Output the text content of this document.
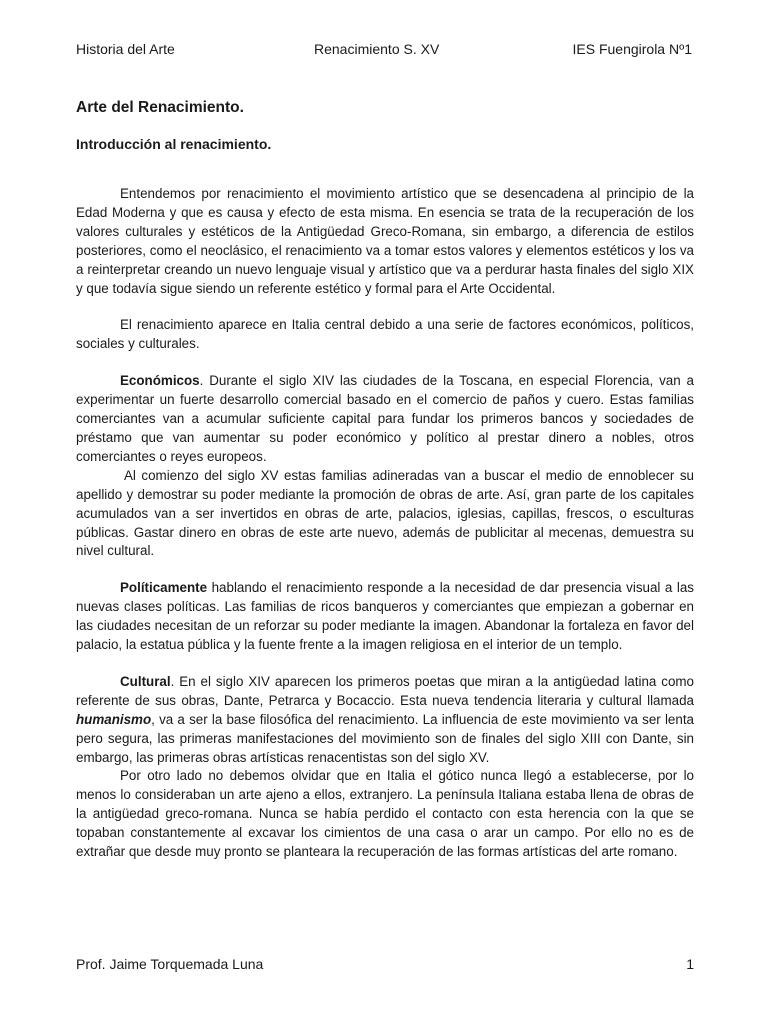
Historia del Arte	Renacimiento S. XV	IES Fuengirola Nº1
Arte del Renacimiento.
Introducción al renacimiento.

Entendemos por renacimiento el movimiento artístico que se desencadena al principio de la Edad Moderna y que es causa y efecto de esta misma. En esencia se trata de la recuperación de los valores culturales y estéticos de la Antigüedad Greco-Romana, sin embargo, a diferencia de estilos posteriores, como el neoclásico, el renacimiento va a tomar estos valores y elementos estéticos y los va a reinterpretar creando un nuevo lenguaje visual y artístico que va a perdurar hasta finales del siglo XIX y que todavía sigue siendo un referente estético y formal para el Arte Occidental.

El renacimiento aparece en Italia central debido a una serie de factores económicos, políticos, sociales y culturales.

Económicos. Durante el siglo XIV las ciudades de la Toscana, en especial Florencia, van a experimentar un fuerte desarrollo comercial basado en el comercio de paños y cuero. Estas familias comerciantes van a acumular suficiente capital para fundar los primeros bancos y sociedades de préstamo que van aumentar su poder económico y político al prestar dinero a nobles, otros comerciantes o reyes europeos.

Al comienzo del siglo XV estas familias adineradas van a buscar el medio de ennoblecer su apellido y demostrar su poder mediante la promoción de obras de arte. Así, gran parte de los capitales acumulados van a ser invertidos en obras de arte, palacios, iglesias, capillas, frescos, o esculturas públicas. Gastar dinero en obras de este arte nuevo, además de publicitar al mecenas, demuestra su nivel cultural.

Políticamente hablando el renacimiento responde a la necesidad de dar presencia visual a las nuevas clases políticas. Las familias de ricos banqueros y comerciantes que empiezan a gobernar en las ciudades necesitan de un reforzar su poder mediante la imagen. Abandonar la fortaleza en favor del palacio, la estatua pública y la fuente frente a la imagen religiosa en el interior de un templo.

Cultural. En el siglo XIV aparecen los primeros poetas que miran a la antigüedad latina como referente de sus obras, Dante, Petrarca y Bocaccio. Esta nueva tendencia literaria y cultural llamada humanismo, va a ser la base filosófica del renacimiento. La influencia de este movimiento va ser lenta pero segura, las primeras manifestaciones del movimiento son de finales del siglo XIII con Dante, sin embargo, las primeras obras artísticas renacentistas son del siglo XV.

Por otro lado no debemos olvidar que en Italia el gótico nunca llegó a establecerse, por lo menos lo consideraban un arte ajeno a ellos, extranjero. La península Italiana estaba llena de obras de la antigüedad greco-romana. Nunca se había perdido el contacto con esta herencia con la que se topaban constantemente al excavar los cimientos de una casa o arar un campo. Por ello no es de extrañar que desde muy pronto se planteara la recuperación de las formas artísticas del arte romano.

Prof. Jaime Torquemada Luna	1
